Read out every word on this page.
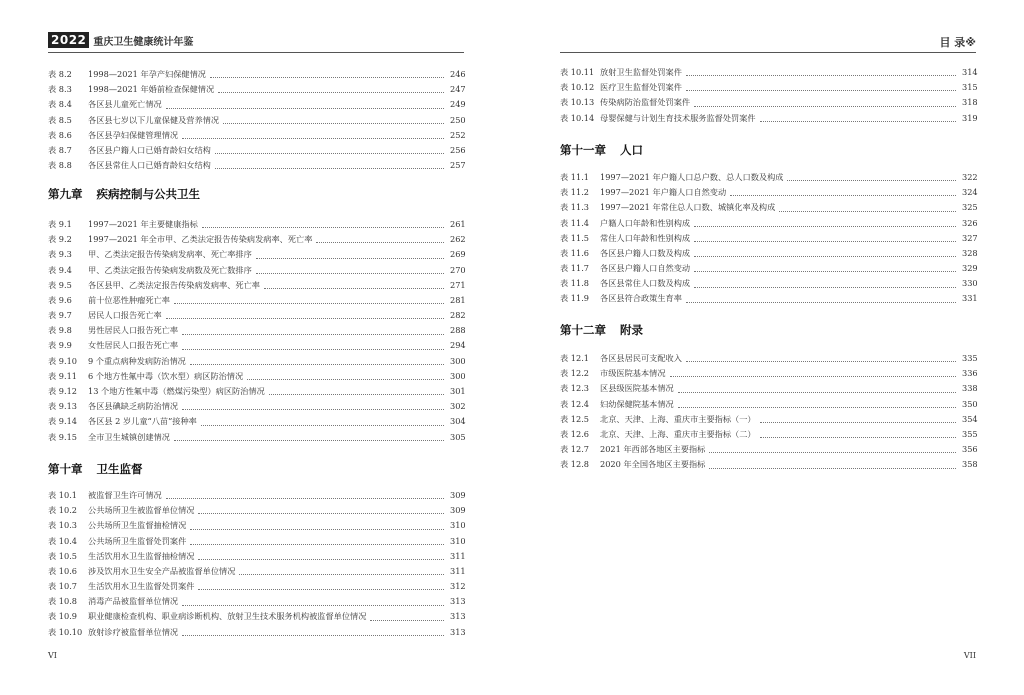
2022 重庆卫生健康统计年鉴
表 8.2	1998—2021 年孕产妇保健情况	246
表 8.3	1998—2021 年婚前检查保健情况	247
表 8.4	各区县儿童死亡情况	249
表 8.5	各区县七岁以下儿童保健及营养情况	250
表 8.6	各区县孕妇保健管理情况	252
表 8.7	各区县户籍人口已婚育龄妇女结构	256
表 8.8	各区县常住人口已婚育龄妇女结构	257
第九章 疾病控制与公共卫生
表 9.1	1997—2021 年主要健康指标	261
表 9.2	1997—2021 年全市甲、乙类法定报告传染病发病率、死亡率	262
表 9.3	甲、乙类法定报告传染病发病率、死亡率排序	269
表 9.4	甲、乙类法定报告传染病发病数及死亡数排序	270
表 9.5	各区县甲、乙类法定报告传染病发病率、死亡率	271
表 9.6	前十位恶性肿瘤死亡率	281
表 9.7	居民人口报告死亡率	282
表 9.8	男性居民人口报告死亡率	288
表 9.9	女性居民人口报告死亡率	294
表 9.10	9 个重点病种发病防治情况	300
表 9.11	6 个地方性氟中毒（饮水型）病区防治情况	300
表 9.12	13 个地方性氟中毒（燃煤污染型）病区防治情况	301
表 9.13	各区县碘缺乏病防治情况	302
表 9.14	各区县 2 岁儿童“八苗”接种率	304
表 9.15	全市卫生城镇创建情况	305
第十章 卫生监督
表 10.1	被监督卫生许可情况	309
表 10.2	公共场所卫生被监督单位情况	309
表 10.3	公共场所卫生监督抽检情况	310
表 10.4	公共场所卫生监督处罚案件	310
表 10.5	生活饮用水卫生监督抽检情况	311
表 10.6	涉及饮用水卫生安全产品被监督单位情况	311
表 10.7	生活饮用水卫生监督处罚案件	312
表 10.8	消毒产品被监督单位情况	313
表 10.9	职业健康检查机构、职业病诊断机构、放射卫生技术服务机构被监督单位情况	313
表 10.10 放射诊疗被监督单位情况	313
VI
目 录※
表 10.11 放射卫生监督处罚案件	314
表 10.12 医疗卫生监督处罚案件	315
表 10.13 传染病防治监督处罚案件	318
表 10.14 母婴保健与计划生育技术服务监督处罚案件	319
第十一章 人口
表 11.1	1997—2021 年户籍人口总户数、总人口数及构成	322
表 11.2	1997—2021 年户籍人口自然变动	324
表 11.3	1997—2021 年常住总人口数、城镇化率及构成	325
表 11.4	户籍人口年龄和性别构成	326
表 11.5	常住人口年龄和性别构成	327
表 11.6	各区县户籍人口数及构成	328
表 11.7	各区县户籍人口自然变动	329
表 11.8	各区县常住人口数及构成	330
表 11.9	各区县符合政策生育率	331
第十二章 附录
表 12.1	各区县居民可支配收入	335
表 12.2	市级医院基本情况	336
表 12.3	区县级医院基本情况	338
表 12.4	妇幼保健院基本情况	350
表 12.5	北京、天津、上海、重庆市主要指标（一）	354
表 12.6	北京、天津、上海、重庆市主要指标（二）	355
表 12.7	2021 年西部各地区主要指标	356
表 12.8	2020 年全国各地区主要指标	358
VII
